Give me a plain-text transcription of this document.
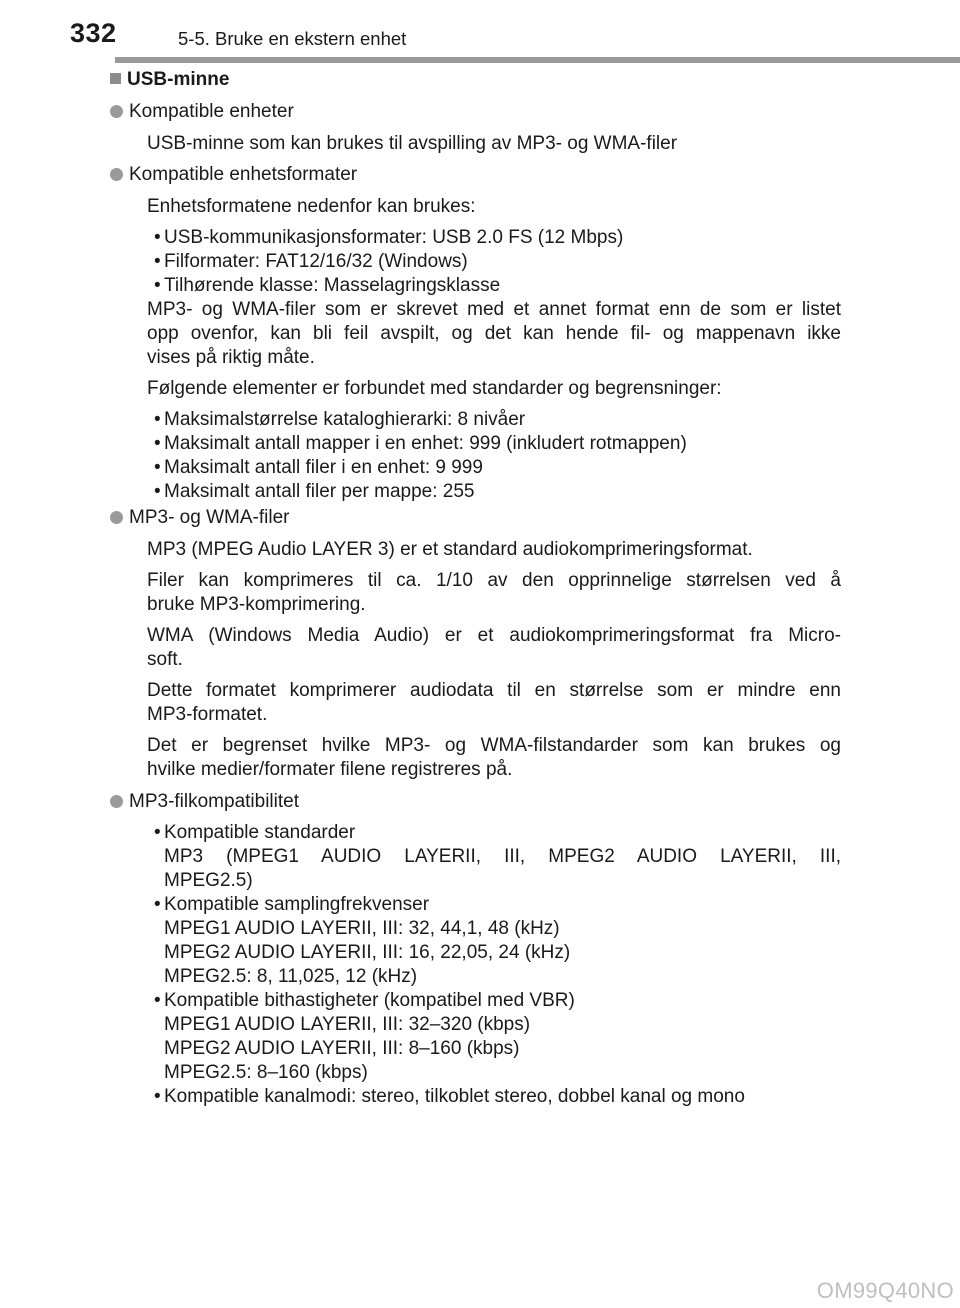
332	5-5. Bruke en ekstern enhet
USB-minne
Kompatible enheter
USB-minne som kan brukes til avspilling av MP3- og WMA-filer
Kompatible enhetsformater
Enhetsformatene nedenfor kan brukes:
• USB-kommunikasjonsformater: USB 2.0 FS (12 Mbps)
• Filformater: FAT12/16/32 (Windows)
• Tilhørende klasse: Masselagringsklasse
MP3- og WMA-filer som er skrevet med et annet format enn de som er listet
opp ovenfor, kan bli feil avspilt, og det kan hende fil- og mappenavn ikke
vises på riktig måte.
Følgende elementer er forbundet med standarder og begrensninger:
• Maksimalstørrelse kataloghierarki: 8 nivåer
• Maksimalt antall mapper i en enhet: 999 (inkludert rotmappen)
• Maksimalt antall filer i en enhet: 9 999
• Maksimalt antall filer per mappe: 255
MP3- og WMA-filer
MP3 (MPEG Audio LAYER 3) er et standard audiokomprimeringsformat.
Filer kan komprimeres til ca. 1/10 av den opprinnelige størrelsen ved å
bruke MP3-komprimering.
WMA (Windows Media Audio) er et audiokomprimeringsformat fra Micro-
soft.
Dette formatet komprimerer audiodata til en størrelse som er mindre enn
MP3-formatet.
Det er begrenset hvilke MP3- og WMA-filstandarder som kan brukes og
hvilke medier/formater filene registreres på.
MP3-filkompatibilitet
• Kompatible standarder
MP3 (MPEG1 AUDIO LAYERII, III, MPEG2 AUDIO LAYERII, III,
MPEG2.5)
• Kompatible samplingfrekvenser
MPEG1 AUDIO LAYERII, III: 32, 44,1, 48 (kHz)
MPEG2 AUDIO LAYERII, III: 16, 22,05, 24 (kHz)
MPEG2.5: 8, 11,025, 12 (kHz)
• Kompatible bithastigheter (kompatibel med VBR)
MPEG1 AUDIO LAYERII, III: 32–320 (kbps)
MPEG2 AUDIO LAYERII, III: 8–160 (kbps)
MPEG2.5: 8–160 (kbps)
• Kompatible kanalmodi: stereo, tilkoblet stereo, dobbel kanal og mono
OM99Q40NO
